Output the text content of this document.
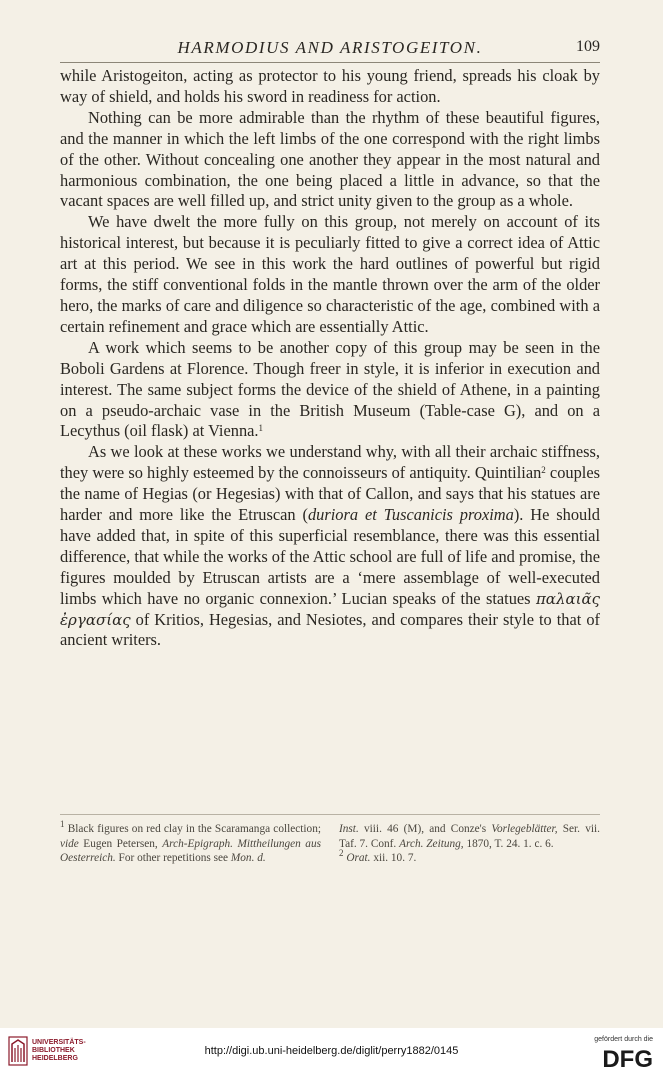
HARMODIUS AND ARISTOGEITON.	109

while Aristogeiton, acting as protector to his young friend, spreads his cloak by way of shield, and holds his sword in readiness for action.

Nothing can be more admirable than the rhythm of these beautiful figures, and the manner in which the left limbs of the one correspond with the right limbs of the other. Without concealing one another they appear in the most natural and harmonious combination, the one being placed a little in advance, so that the vacant spaces are well filled up, and strict unity given to the group as a whole.

We have dwelt the more fully on this group, not merely on account of its historical interest, but because it is peculiarly fitted to give a correct idea of Attic art at this period. We see in this work the hard outlines of powerful but rigid forms, the stiff conventional folds in the mantle thrown over the arm of the older hero, the marks of care and diligence so characteristic of the age, combined with a certain refinement and grace which are essentially Attic.

A work which seems to be another copy of this group may be seen in the Boboli Gardens at Florence. Though freer in style, it is inferior in execution and interest. The same subject forms the device of the shield of Athene, in a painting on a pseudo-archaic vase in the British Museum (Table-case G), and on a Lecythus (oil flask) at Vienna.$^1$

As we look at these works we understand why, with all their archaic stiffness, they were so highly esteemed by the connoisseurs of antiquity. Quintilian$^2$ couples the name of Hegias (or Hegesias) with that of Callon, and says that his statues are harder and more like the Etruscan (duriora et Tuscanicis proxima). He should have added that, in spite of this superficial resemblance, there was this essential difference, that while the works of the Attic school are full of life and promise, the figures moulded by Etruscan artists are a ‘mere assemblage of well-executed limbs which have no organic connexion.’ Lucian speaks of the statues παλαιᾶς ἐργασίας of Kritios, Hegesias, and Nesiotes, and compares their style to that of ancient writers.

$^1$ Black figures on red clay in the Scaramanga collection; vide Eugen Petersen, Arch-Epigraph. Mittheilungen aus Oesterreich. For other repetitions see Mon. d.

Inst. viii. 46 (M), and Conze's Vorlegeblätter, Ser. vii. Taf. 7. Conf. Arch. Zeitung, 1870, T. 24. 1. c. 6.

$^2$ Orat. xii. 10. 7.

UNIVERSITÄTS-
BIBLIOTHEK
HEIDELBERG
http://digi.ub.uni-heidelberg.de/diglit/perry1882/0145
gefördert durch die
DFG
